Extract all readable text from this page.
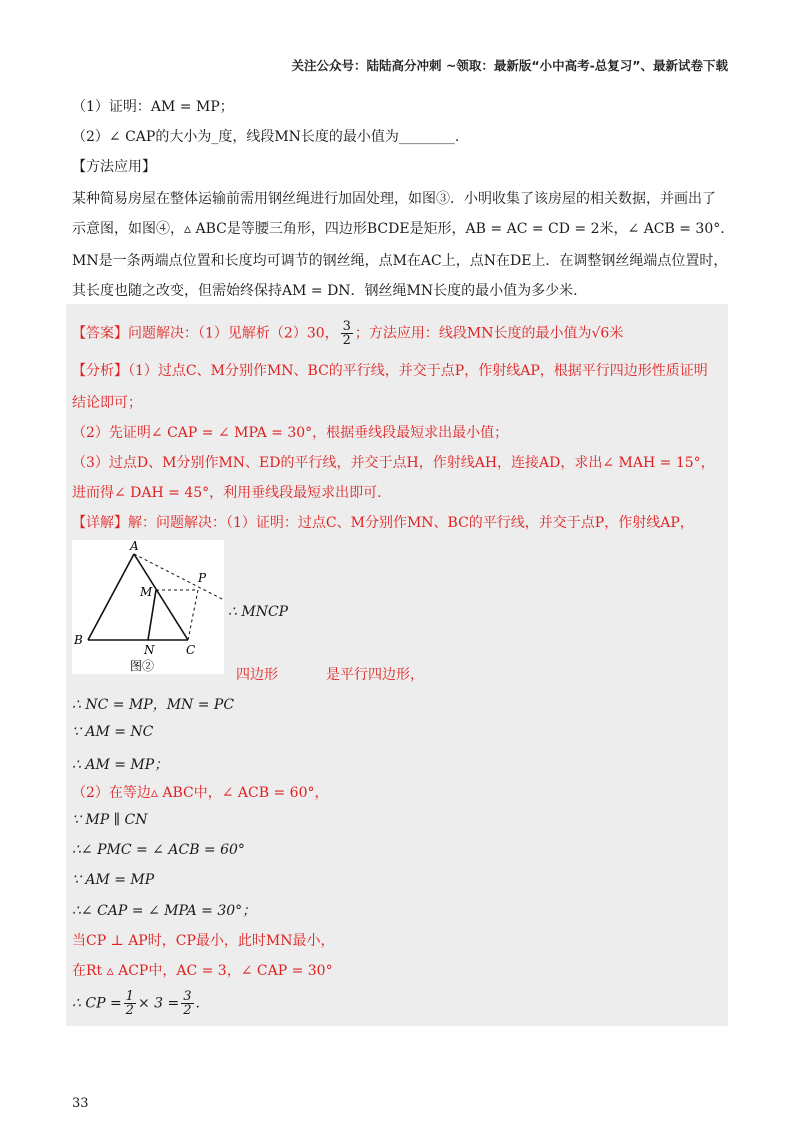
关注公众号：陆陆高分冲刺 ~领取：最新版“小中高考-总复习”、最新试卷下载
（1）证明：AM = MP；
（2）∠ CAP的大小为_度，线段MN长度的最小值为________.
【方法应用】
某种简易房屋在整体运输前需用钢丝绳进行加固处理，如图③．小明收集了该房屋的相关数据，并画出了
示意图，如图④，▵ ABC是等腰三角形，四边形BCDE是矩形，AB = AC = CD = 2米，∠ ACB = 30°.
MN是一条两端点位置和长度均可调节的钢丝绳，点M在AC上，点N在DE上．在调整钢丝绳端点位置时，
其长度也随之改变，但需始终保持AM = DN．钢丝绳MN长度的最小值为多少米.
【答案】问题解决：（1）见解析（2）30， $\frac{3}{2}$ ；方法应用：线段MN长度的最小值为√6米
【分析】（1）过点C、M分别作MN、BC的平行线，并交于点P，作射线AP，根据平行四边形性质证明
结论即可；
（2）先证明∠ CAP = ∠ MPA = 30°，根据垂线段最短求出最小值；
（3）过点D、M分别作MN、ED的平行线，并交于点H，作射线AH，连接AD，求出∠ MAH = 15°，
进而得∠ DAH = 45°，利用垂线段最短求出即可.
【详解】解：问题解决：（1）证明：过点C、M分别作MN、BC的平行线，并交于点P，作射线AP，
A
P
M
B
N	C
图②
∴ MNCP
四边形	是平行四边形，
∴ NC = MP，MN = PC
∵ AM = NC
∴ AM = MP；
（2）在等边▵ ABC中，∠ ACB = 60°，
∵ MP ∥ CN
∴∠ PMC = ∠ ACB = 60°
∵ AM = MP
∴∠ CAP = ∠ MPA = 30°；
当CP ⊥ AP时，CP最小，此时MN最小，
在Rt ▵ ACP中，AC = 3，∠ CAP = 30°
∴ CP = $\frac{1}{2} \times 3 = \frac{3}{2}$ .
33
